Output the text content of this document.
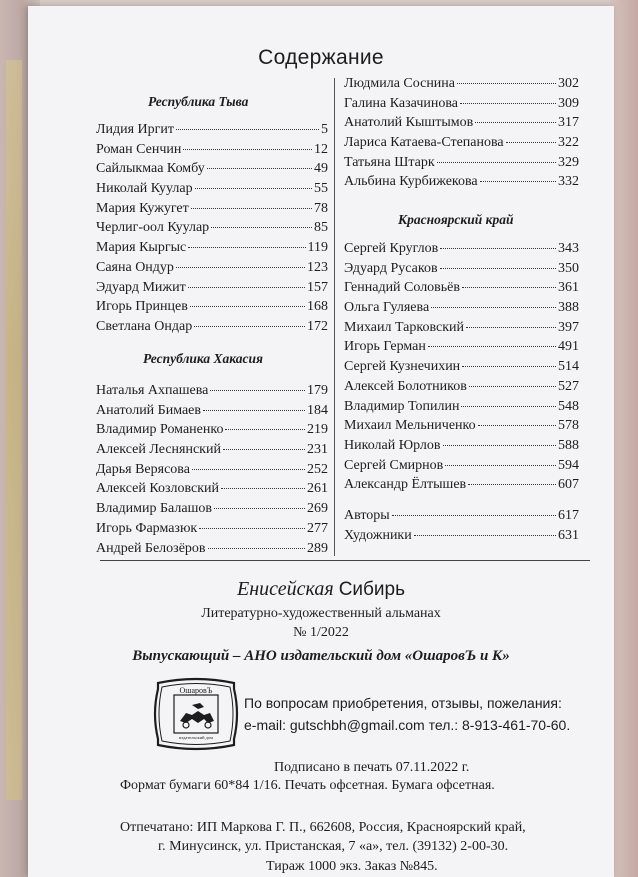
Содержание
Республика Тыва
Лидия Иргит	5
Роман Сенчин	12
Сайлыкмаа Комбу	49
Николай Куулар	55
Мария Кужугет	78
Черлиг-оол Куулар	85
Мария Кыргыс	119
Саяна Ондур	123
Эдуард Мижит	157
Игорь Принцев	168
Светлана Ондар	172
Республика Хакасия
Наталья Ахпашева	179
Анатолий Бимаев	184
Владимир Романенко	219
Алексей Леснянский	231
Дарья Верясова	252
Алексей Козловский	261
Владимир Балашов	269
Игорь Фармазюк	277
Андрей Белозёров	289
Людмила Соснина	302
Галина Казачинова	309
Анатолий Кыштымов	317
Лариса Катаева-Степанова	322
Татьяна Штарк	329
Альбина Курбижекова	332
Красноярский край
Сергей Круглов	343
Эдуард Русаков	350
Геннадий Соловьёв	361
Ольга Гуляева	388
Михаил Тарковский	397
Игорь Герман	491
Сергей Кузнечихин	514
Алексей Болотников	527
Владимир Топилин	548
Михаил Мельниченко	578
Николай Юрлов	588
Сергей Смирнов	594
Александр Ёлтышев	607
Авторы	617
Художники	631
Енисейская Сибирь
Литературно-художественный альманах
№ 1/2022
Выпускающий – АНО издательский дом «ОшаровЪ и К»
ОшаровЪ
издательский дом
По вопросам приобретения, отзывы, пожелания:
e-mail: gutschbh@gmail.com тел.: 8-913-461-70-60.
Подписано в печать 07.11.2022 г.
Формат бумаги 60*84 1/16. Печать офсетная. Бумага офсетная.
Отпечатано: ИП Маркова Г. П., 662608, Россия, Красноярский край,
г. Минусинск, ул. Пристанская, 7 «а», тел. (39132) 2-00-30.
Тираж 1000 экз. Заказ №845.
